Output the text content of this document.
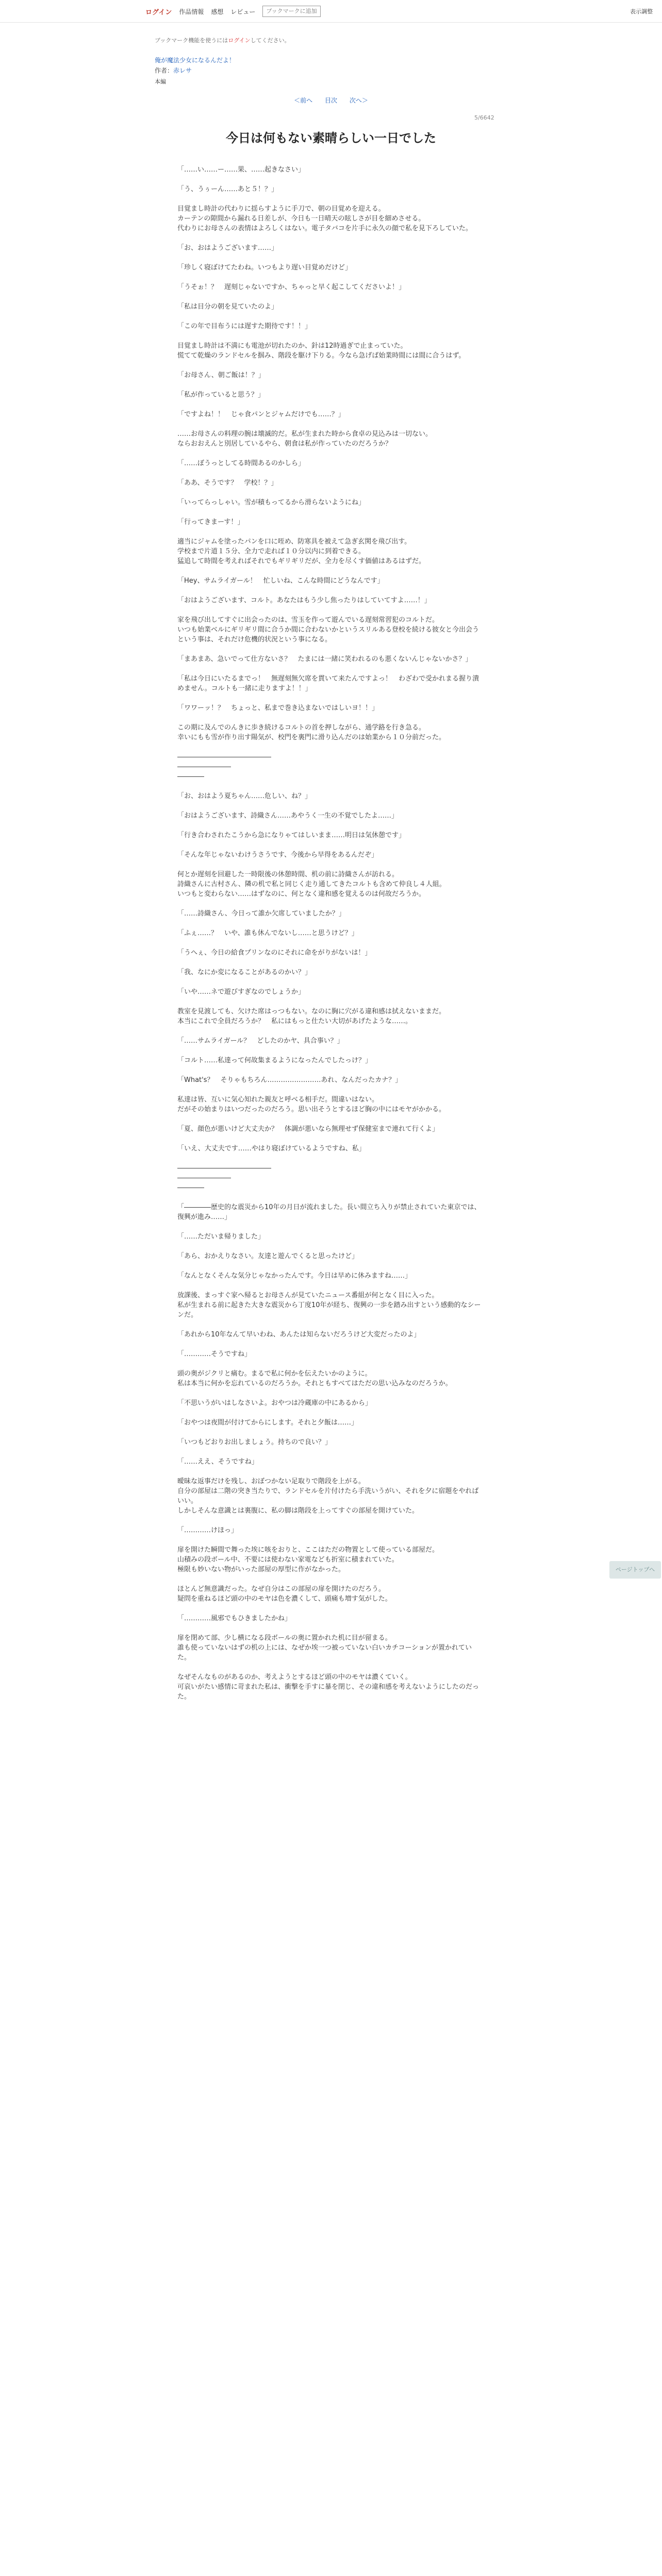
ログイン 作品情報 感想 レビュー	ブックマークに追加	表示調整
ブックマーク機能を使うにはログインしてください。
俺が魔法少女になるんだよ！
作者：赤レサ
本編
＜前へ 目次 次へ＞
5/6642
今日は何もない素晴らしい一日でした

「……い……ー……果、……起きなさい」

「う、うぅーん……あと５！？」

目覚まし時計の代わりに揺らすように手刀で、朝の目覚めを迎える。

カーテンの隙間から漏れる日差しが、今日も一日晴天の眩しさが目を細めさせる。

代わりにお母さんの表情はよろしくはない。電子タバコを片手に永久の顔で私を見下ろしていた。

「お、おはようございます……」

「珍しく寝ぼけてたわね。いつもより遅い目覚めだけど」

「うそぉ！？　遅刻じゃないですか、ちゃっと早く起こしてくださいよ！」

「私は目分の朝を見ていたのよ」

「この年で目布うには遅すた期待です！！」

目覚まし時計は不満にも電池が切れたのか、針は12時過ぎで止まっていた。

慌てて乾燥のランドセルを掴み、階段を駆け下りる。今なら急げば始業時間には間に合うはず。

「お母さん、朝ご飯は！？」

「私が作っていると思う？」

「ですよね！！　じゃ食パンとジャムだけでも……？」

……お母さんの料理の腕は壊滅的だ。私が生まれた時から食卓の見込みは一切ない。

ならおおえんと別居しているやら、朝食は私が作っていたのだろうか？

「……ぼうっとしてる時間あるのかしら」

「ああ、そうです？　学校！？」

「いってらっしゃい。雪が積もってるから滑らないようにね」

「行ってきまーす！」

適当にジャムを塗ったパンを口に咥め、防寒具を被えて急ぎ玄関を飛び出す。

学校まで片道１５分、全力で走れば１０分以内に到着できる。

猛追して時間を考えればそれでもギリギリだが、全力を尽くす価値はあるはずだ。

「Hey、サムライガール！　忙しいね、こんな時間にどうなんです」

「おはようございます、コルト。あなたはもう少し焦ったりはしていてすよ……！」

家を飛び出してすぐに出会ったのは、雪玉を作って遊んでいる遅刻常習犯のコルトだ。

いつも始業ベルにギリギリ間に合うか間に合わないかというスリルある登校を続ける彼女と今出会うという事は、それだけ危機的状況という事になる。

「まあまあ、急いでって仕方ないさ？　たまには一緒に笑われるのも悪くないんじゃないかさ？」

「私は今日にいたるまでっ！　無遅刻無欠席を貫いて来たんですよっ！　わざわで受かれまる握り潰めません。コルトも一緒に走りますよ！！」

「ワワーッ！？　ちょっと、私まで巻き込まないではしいヨ！！」

この期に及んでのんきに歩き続けるコルトの首を押しながら、通学路を行き急る。

幸いにもも雪が作り出す陽気が、校門を裏門に滑り込んだのは始業から１０分前だった。

――――――――――――――

――――――――

――――

「お、おはよう夏ちゃん……危しい、ね？」

「おはようございます、詩織さん……あやうく一生の不覚でしたよ……」

「行き合わされたこうから急になりゃてはしいまま……明日は気休憩です」

「そんな年じゃないわけうさうです、今後から早得をあるんだぞ」

何とか遅刻を回避した一時限後の休憩時間、机の前に詩織さんが訪れる。

詩織さんに古村さん、隣の机で私と同じく走り通してきたコルトも含めて仲良し４人組。

いつもと変わらない……はずなのに、何となく違和感を覚えるのは何故だろうか。

「……詩織さん、今日って誰か欠席していましたか？」

「ふぇ……？　いや、誰も休んでないし……と思うけど？」

「うへぇ、今日の給食プリンなのにそれに命をがりがないは！」

「我、なにか変になることがあるのかい？」

「いや……ネで遊びすぎなのでしょうか」

教室を見渡しても、欠けた席はっつもない。なのに胸に穴がる違和感は拭えないままだ。

本当にこれで全員だろうか？　私にはもっと仕たい大切があげたような……。

「……サムライガール？　どしたのかヤ、具合事い？」

「コルト……私達って何故集まるようになったんでしたっけ？」

「What's？　そりゃもちろん……………………あれ、なんだったカナ？」

私達は皆、互いに気心知れた親友と呼べる相手だ。間違いはない。

だがその始まりはいつだったのだろう。思い出そうとするほど胸の中にはモヤがかかる。

「夏、顔色が悪いけど大丈夫か？　体調が悪いなら無理せず保健室まで連れて行くよ」

「いえ、大丈夫です……やはり寝ぼけているようですね、私」

――――――――――――――

――――――――

――――

「――――歴史的な震災から10年の月日が流れました。長い間立ち入りが禁止されていた東京では、復興が進み……」

「……ただいま帰りました」

「あら、おかえりなさい。友達と遊んでくると思ったけど」

「なんとなくそんな気分じゃなかったんです。今日は早めに休みますね……」

放課後、まっすぐ家へ帰るとお母さんが見ていたニュース番組が何となく目に入った。

私が生まれる前に起きた大きな震災から丁度10年が経ち、復興の一歩を踏み出すという感動的なシーンだ。

「あれから10年なんて早いわね、あんたは知らないだろうけど大変だったのよ」

「…………そうですね」

頭の奥がジクリと痛む。まるで私に何かを伝えたいかのように。

私は本当に何かを忘れているのだろうか。それともすべてはただの思い込みなのだろうか。

「不思いうがいはしなさいよ。おやつは冷蔵庫の中にあるから」

「おやつは夜間が付けてからにします。それと夕飯は……」

「いつもどおりお出しましょう。持ちので良い？」

「……ええ、そうですね」

曖昧な返事だけを残し、おぼつかない足取りで階段を上がる。

自分の部屋は二階の突き当たりで、ランドセルを片付けたら手洗いうがい、それを夕に宿題をやればいい。

しかしそんな意識とは裏腹に、私の脚は階段を上ってすぐの部屋を開けていた。

「…………けほっ」

扉を開けた瞬間で舞った埃に咳をおりと、ここはただの物置として使っている部屋だ。

山積みの段ボール中、不要には使わない家電なども折室に積まれていた。

極限も妙いない物がいった部屋の厚型に作がなかった。

ほとんど無意識だった。なぜ自分はこの部屋の扉を開けたのだろう。

疑問を重ねるほど頭の中のモヤは色を濃くして、頭痛も増す気がした。

「…………風邪でもひきましたかね」

扉を閉めて部、少し横になる段ボールの奥に置かれた机に目が留まる。

誰も使っていないはずの机の上には、なぜか埃一つ被っていない白いカチコーションが置かれていた。

なぜそんなものがあるのか、考えようとするほど頭の中のモヤは濃くていく。

可哀いがたい感情に苛まれた私は、衝撃を手すに暴を閉じ、その違和感を考えないようにしたのだった。

ページトップへ
